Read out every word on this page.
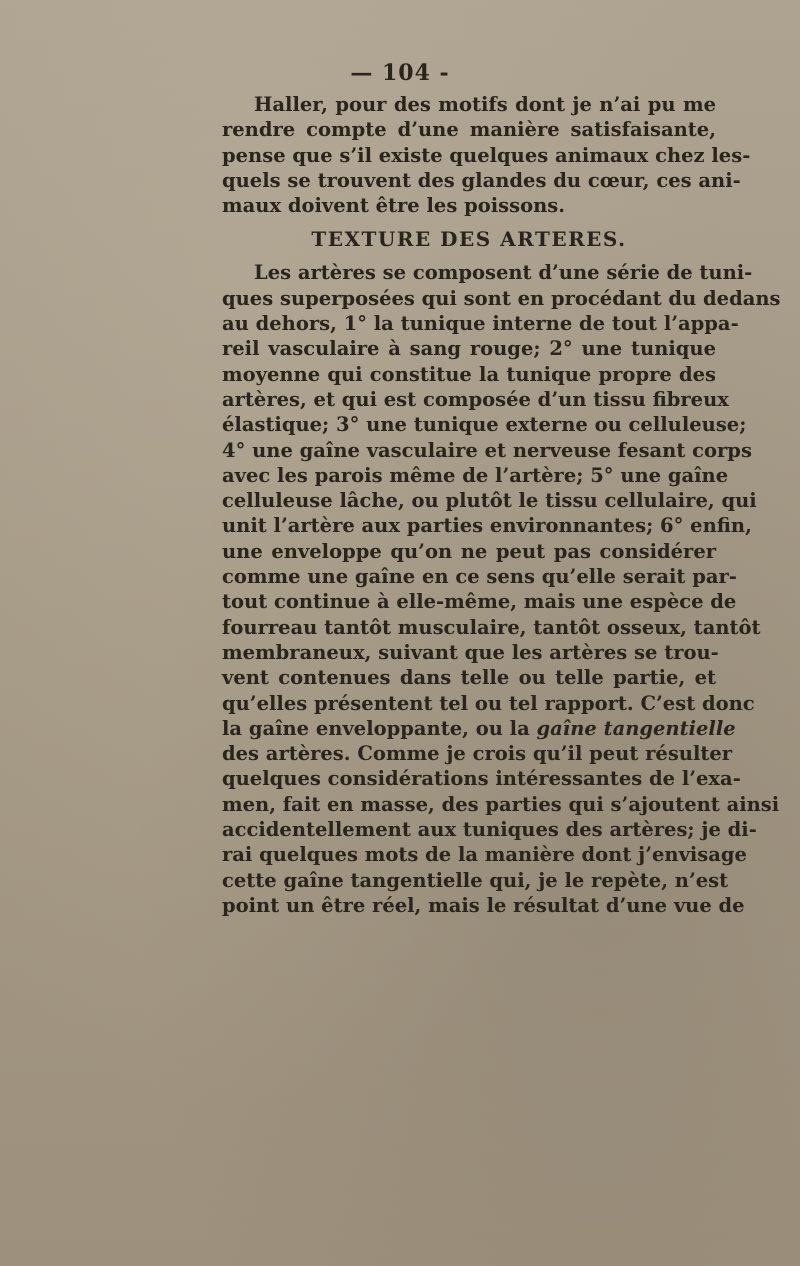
— 104 -
Haller, pour des motifs dont je n’ai pu me
rendre compte d’une manière satisfaisante,
pense que s’il existe quelques animaux chez les-
quels se trouvent des glandes du cœur, ces ani-
maux doivent être les poissons.
TEXTURE DES ARTERES.
Les artères se composent d’une série de tuni-
ques superposées qui sont en procédant du dedans
au dehors, 1° la tunique interne de tout l’appa-
reil vasculaire à sang rouge; 2° une tunique
moyenne qui constitue la tunique propre des
artères, et qui est composée d’un tissu fibreux
élastique; 3° une tunique externe ou celluleuse;
4° une gaîne vasculaire et nerveuse fesant corps
avec les parois même de l’artère; 5° une gaîne
celluleuse lâche, ou plutôt le tissu cellulaire, qui
unit l’artère aux parties environnantes; 6° enfin,
une enveloppe qu’on ne peut pas considérer
comme une gaîne en ce sens qu’elle serait par-
tout continue à elle-même, mais une espèce de
fourreau tantôt musculaire, tantôt osseux, tantôt
membraneux, suivant que les artères se trou-
vent contenues dans telle ou telle partie, et
qu’elles présentent tel ou tel rapport. C’est donc
la gaîne enveloppante, ou la gaîne tangentielle
des artères. Comme je crois qu’il peut résulter
quelques considérations intéressantes de l’exa-
men, fait en masse, des parties qui s’ajoutent ainsi
accidentellement aux tuniques des artères; je di-
rai quelques mots de la manière dont j’envisage
cette gaîne tangentielle qui, je le repète, n’est
point un être réel, mais le résultat d’une vue de
